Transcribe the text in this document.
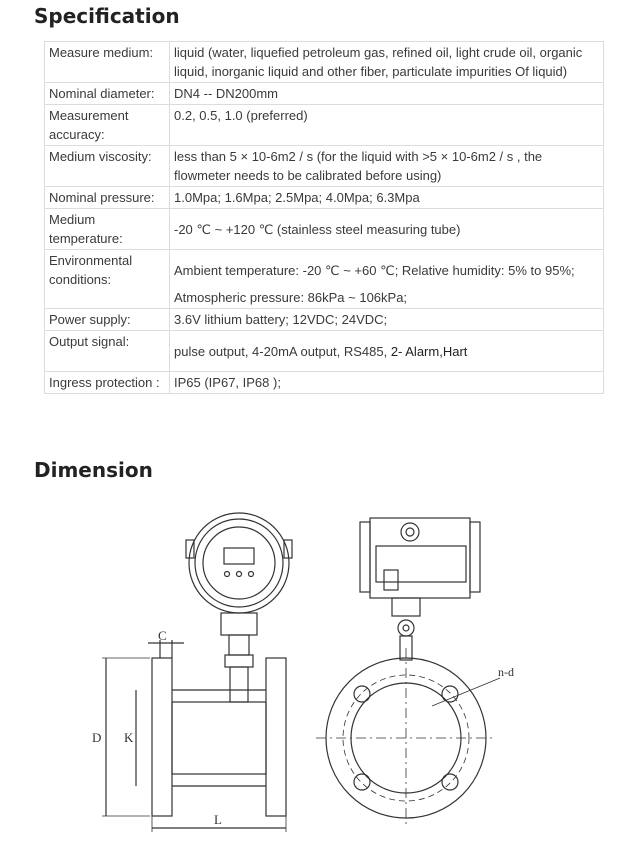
Specification
Measure medium:	liquid (water, liquefied petroleum gas, refined oil, light crude oil, organic liquid, inorganic liquid and other fiber, particulate impurities Of liquid)
Nominal diameter:	DN4 -- DN200mm
Measurement accuracy:	0.2, 0.5, 1.0 (preferred)
Medium viscosity:	less than 5 × 10-6m2 / s (for the liquid with >5 × 10-6m2 / s , the flowmeter needs to be calibrated before using)
Nominal pressure:	1.0Mpa; 1.6Mpa; 2.5Mpa; 4.0Mpa; 6.3Mpa
Medium temperature:	-20 ℃ ~ +120 ℃ (stainless steel measuring tube)
Environmental conditions:	Ambient temperature: -20 ℃ ~ +60 ℃; Relative humidity: 5% to 95%;
Atmospheric pressure: 86kPa ~ 106kPa;

Power supply:	3.6V lithium battery; 12VDC; 24VDC;
Output signal:	pulse output, 4-20mA output, RS485, 2- Alarm,Hart
Ingress protection :	IP65 (IP67, IP68 );
Dimension
C
D K
L
n-d
